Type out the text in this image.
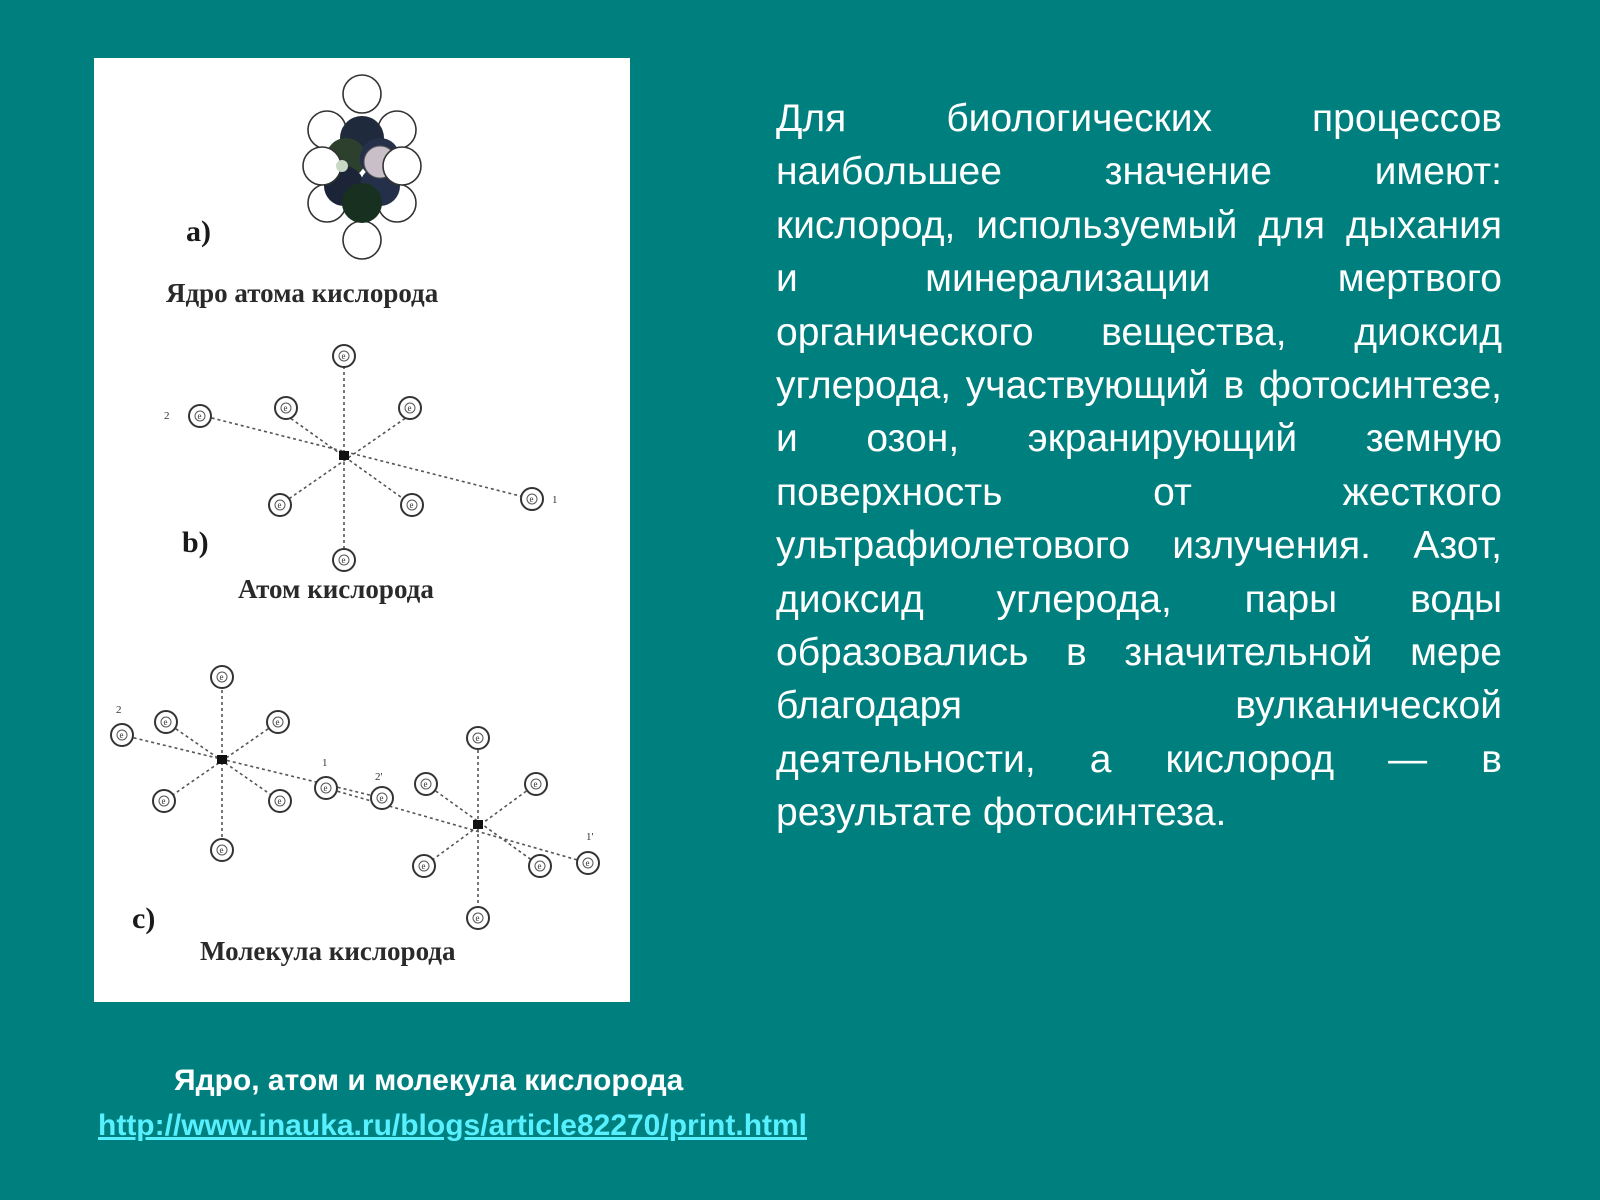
a)
Ядро атома кислорода
2
1
b)
Атом кислорода
2
1
2'
1'
c)
Молекула кислорода
e
e
e	e
e
e	e
e
e
e
e	e
e	e
e
e
e
e
e	e
e
e	e
e

Для биологических процессов наибольшее значение имеют: кислород, используемый для дыхания и минерализации мертвого органического вещества, диоксид углерода, участвующий в фотосинтезе, и озон, экранирующий земную поверхность от жесткого ультрафиолетового излучения. Азот, диоксид углерода, пары воды образовались в значительной мере благодаря вулканической деятельности, а кислород — в результате фотосинтеза.

Ядро, атом и молекула кислорода

http://www.inauka.ru/blogs/article82270/print.html
